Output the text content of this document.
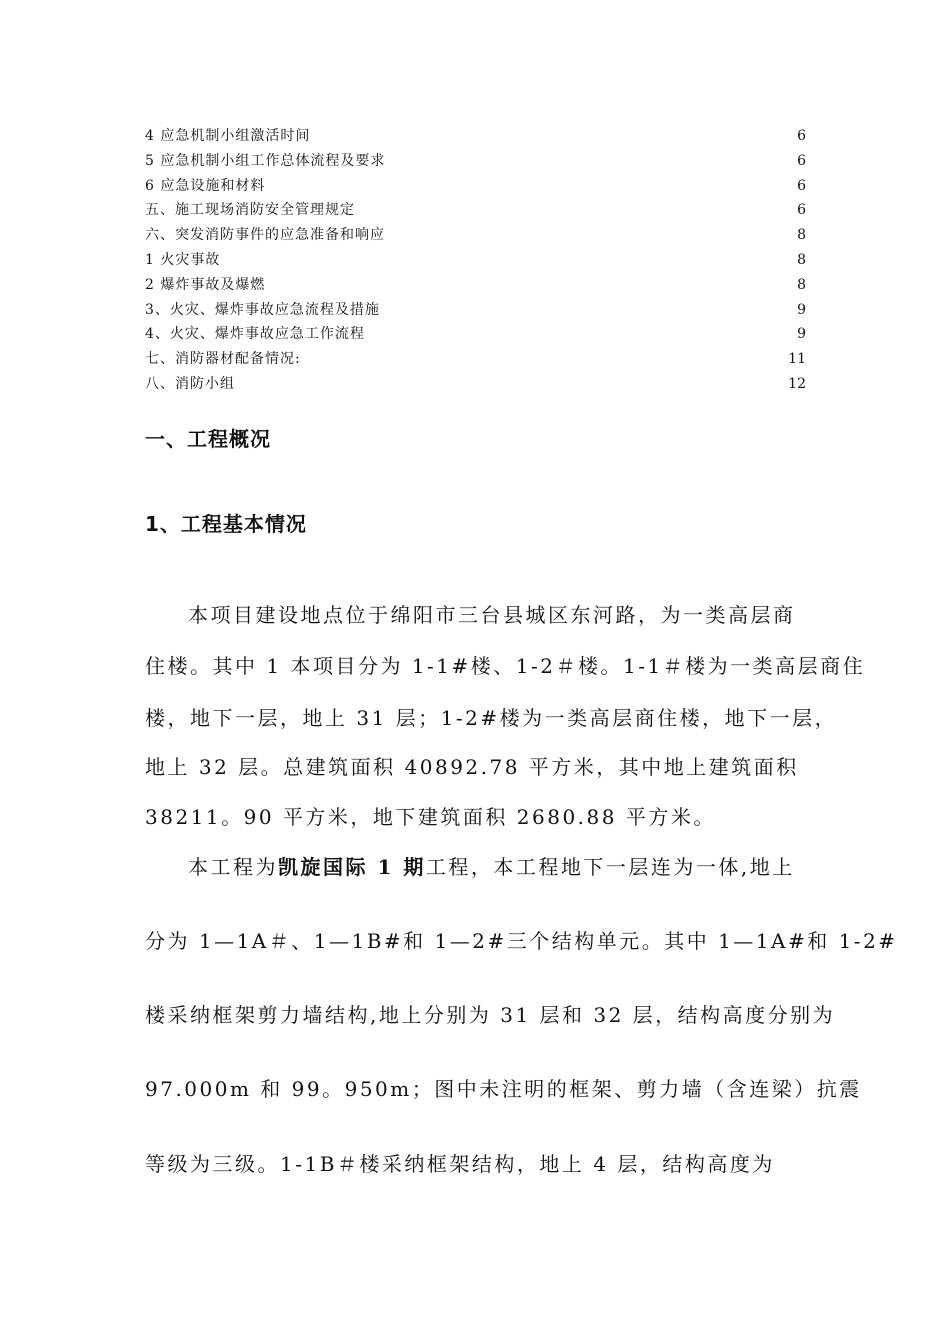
4 应急机制小组激活时间	6
5 应急机制小组工作总体流程及要求	6
6 应急设施和材料	6
五、施工现场消防安全管理规定	6
六、突发消防事件的应急准备和响应	8
1 火灾事故	8
2 爆炸事故及爆燃	8
3、火灾、爆炸事故应急流程及措施	9
4、火灾、爆炸事故应急工作流程	9
七、消防器材配备情况:	11
八、消防小组	12
一、工程概况
1、工程基本情况
本项目建设地点位于绵阳市三台县城区东河路，为一类高层商
住楼。其中 1 本项目分为 1-1#楼、1-2＃楼。1-1＃楼为一类高层商住
楼，地下一层，地上 31 层；1-2#楼为一类高层商住楼，地下一层，
地上 32 层。总建筑面积 40892.78 平方米，其中地上建筑面积
38211。90 平方米，地下建筑面积 2680.88 平方米。
本工程为凯旋国际 1 期工程，本工程地下一层连为一体,地上
分为 1—1A＃、1—1B#和 1—2#三个结构单元。其中 1—1A#和 1-2#
楼采纳框架剪力墙结构,地上分别为 31 层和 32 层，结构高度分别为
97.000m 和 99。950m；图中未注明的框架、剪力墙（含连梁）抗震
等级为三级。1-1B＃楼采纳框架结构，地上 4 层，结构高度为
